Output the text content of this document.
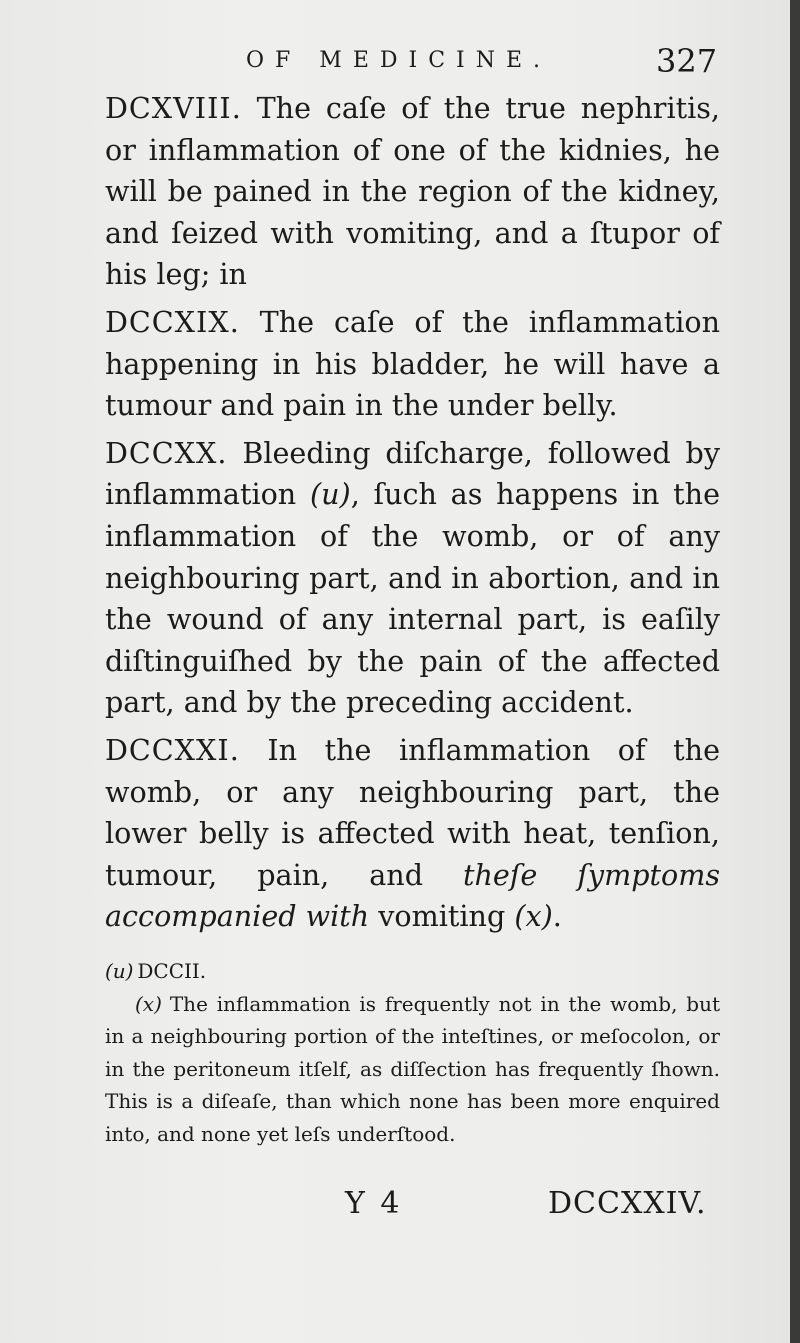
OF MEDICINE.	327

DCXVIII. The caſe of the true nephritis, or inflammation of one of the kidnies, he will be pained in the region of the kidney, and ſeized with vomiting, and a ſtupor of his leg; in

DCCXIX. The caſe of the inflammation happening in his bladder, he will have a tumour and pain in the under belly.

DCCXX. Bleeding diſcharge, followed by inflammation (u), ſuch as happens in the inflammation of the womb, or of any neighbouring part, and in abortion, and in the wound of any internal part, is eaſily diſtinguiſhed by the pain of the affected part, and by the preceding accident.

DCCXXI. In the inflammation of the womb, or any neighbouring part, the lower belly is affected with heat, tenſion, tumour, pain, and theſe ſymptoms accompanied with vomiting (x).

(u) DCCII.

(x) The inflammation is frequently not in the womb, but in a neighbouring portion of the inteſtines, or meſocolon, or in the peritoneum itſelf, as diſſection has frequently ſhown. This is a diſeaſe, than which none has been more enquired into, and none yet leſs underſtood.

Y 4	DCCXXIV.
